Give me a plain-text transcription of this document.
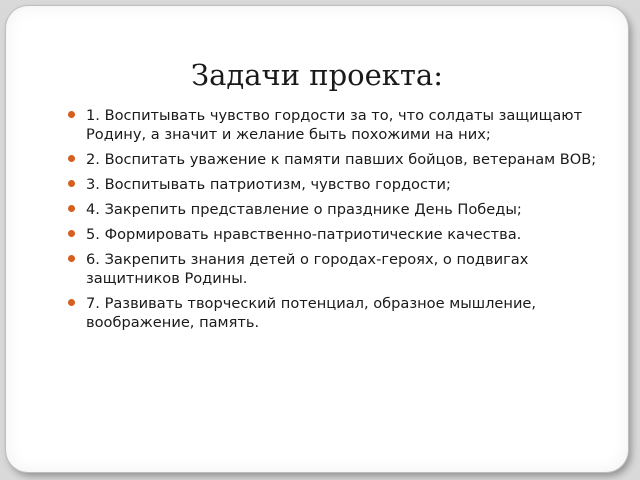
Задачи проекта:
1. Воспитывать чувство гордости за то, что солдаты защищают Родину, а значит и желание быть похожими на них;
2. Воспитать уважение к памяти павших бойцов, ветеранам ВОВ;
3. Воспитывать патриотизм, чувство гордости;
4. Закрепить представление о празднике День Победы;
5. Формировать нравственно-патриотические качества.
6. Закрепить знания детей о городах-героях, о подвигах защитников Родины.
7. Развивать творческий потенциал, образное мышление, воображение, память.
